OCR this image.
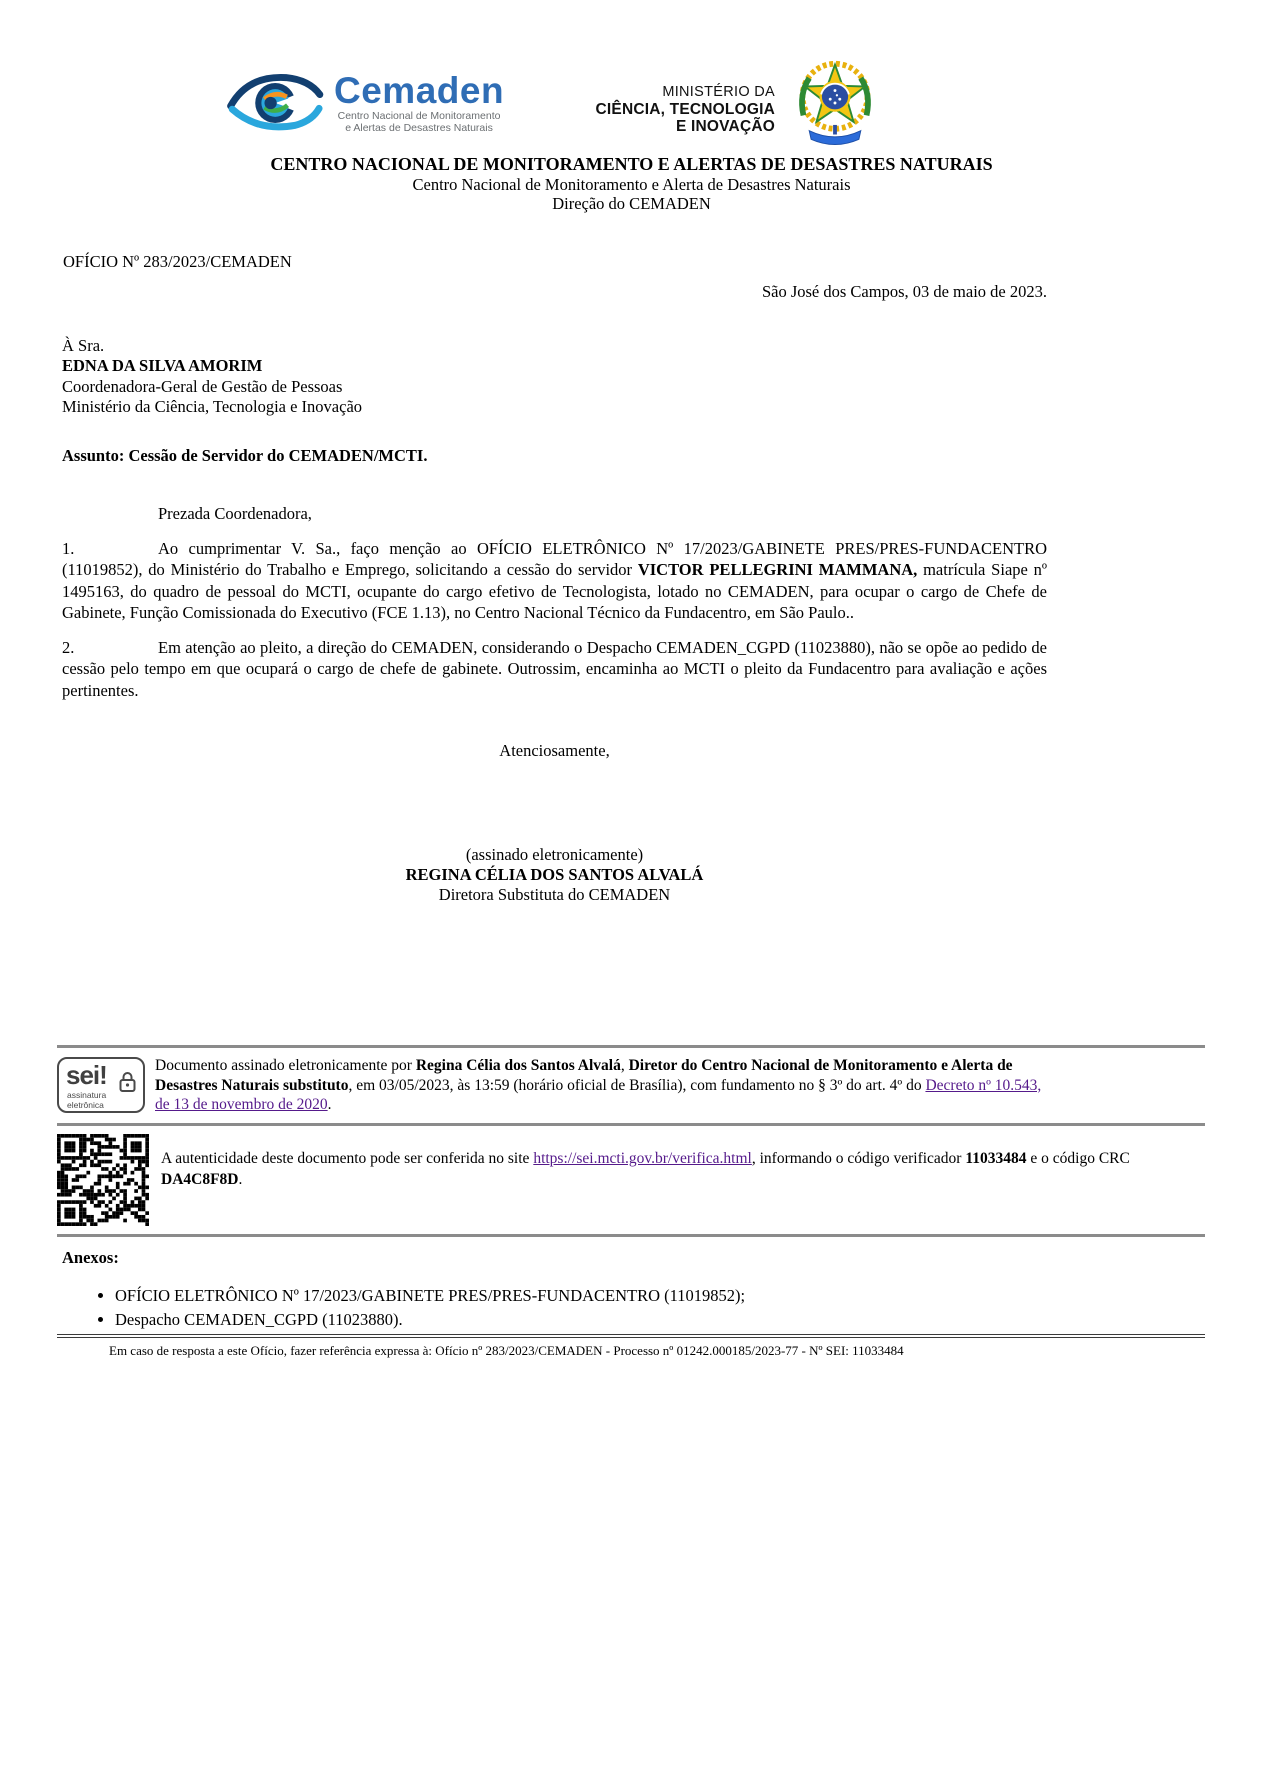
Cemaden
Centro Nacional de Monitoramento
e Alertas de Desastres Naturais
MINISTÉRIO DA
CIÊNCIA, TECNOLOGIA
E INOVAÇÃO
CENTRO NACIONAL DE MONITORAMENTO E ALERTAS DE DESASTRES NATURAIS
Centro Nacional de Monitoramento e Alerta de Desastres Naturais
Direção do CEMADEN
OFÍCIO Nº 283/2023/CEMADEN
São José dos Campos, 03 de maio de 2023.
À Sra.
EDNA DA SILVA AMORIM
Coordenadora-Geral de Gestão de Pessoas
Ministério da Ciência, Tecnologia e Inovação
Assunto: Cessão de Servidor do CEMADEN/MCTI.
Prezada Coordenadora,

1.	Ao cumprimentar V. Sa., faço menção ao OFÍCIO ELETRÔNICO Nº 17/2023/GABINETE PRES/PRES-FUNDACENTRO (11019852), do Ministério do Trabalho e Emprego, solicitando a cessão do servidor VICTOR PELLEGRINI MAMMANA, matrícula Siape nº 1495163, do quadro de pessoal do MCTI, ocupante do cargo efetivo de Tecnologista, lotado no CEMADEN, para ocupar o cargo de Chefe de Gabinete, Função Comissionada do Executivo (FCE 1.13), no Centro Nacional Técnico da Fundacentro, em São Paulo..

2.	Em atenção ao pleito, a direção do CEMADEN, considerando o Despacho CEMADEN_CGPD (11023880), não se opõe ao pedido de cessão pelo tempo em que ocupará o cargo de chefe de gabinete. Outrossim, encaminha ao MCTI o pleito da Fundacentro para avaliação e ações pertinentes.

Atenciosamente,
(assinado eletronicamente)
REGINA CÉLIA DOS SANTOS ALVALÁ
Diretora Substituta do CEMADEN
sei!
assinatura
eletrônica
Documento assinado eletronicamente por Regina Célia dos Santos Alvalá, Diretor do Centro Nacional de Monitoramento e Alerta de Desastres Naturais substituto, em 03/05/2023, às 13:59 (horário oficial de Brasília), com fundamento no § 3º do art. 4º do Decreto nº 10.543, de 13 de novembro de 2020.
A autenticidade deste documento pode ser conferida no site https://sei.mcti.gov.br/verifica.html, informando o código verificador 11033484 e o código CRC DA4C8F8D.
Anexos:
• OFÍCIO ELETRÔNICO Nº 17/2023/GABINETE PRES/PRES-FUNDACENTRO (11019852);
• Despacho CEMADEN_CGPD (11023880).
Em caso de resposta a este Ofício, fazer referência expressa à: Ofício nº 283/2023/CEMADEN - Processo nº 01242.000185/2023-77 - Nº SEI: 11033484
